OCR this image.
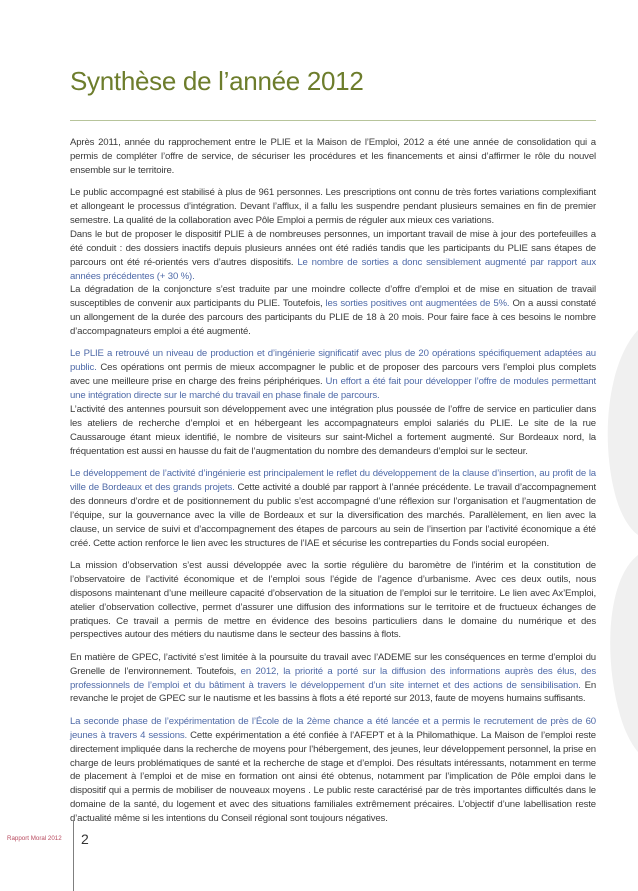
Synthèse de l’année 2012

Après 2011, année du rapprochement entre le PLIE et la Maison de l’Emploi, 2012 a été une année de consolidation qui a permis de compléter l’offre de service, de sécuriser les procédures et les financements et ainsi d’affirmer le rôle du nouvel ensemble sur le territoire.

Le public accompagné est stabilisé à plus de 961 personnes. Les prescriptions ont connu de très fortes variations complexifiant et allongeant le processus d’intégration. Devant l’afflux, il a fallu les suspendre pendant plusieurs semaines en fin de premier semestre. La qualité de la collaboration avec Pôle Emploi a permis de réguler aux mieux ces variations.

Dans le but de proposer le dispositif PLIE à de nombreuses personnes, un important travail de mise à jour des portefeuilles a été conduit : des dossiers inactifs depuis plusieurs années ont été radiés tandis que les participants du PLIE sans étapes de parcours ont été ré-orientés vers d’autres dispositifs. Le nombre de sorties a donc sensiblement augmenté par rapport aux années précédentes (+ 30 %).

La dégradation de la conjoncture s’est traduite par une moindre collecte d’offre d’emploi et de mise en situation de travail susceptibles de convenir aux participants du PLIE. Toutefois, les sorties positives ont augmentées de 5%. On a aussi constaté un allongement de la durée des parcours des participants du PLIE de 18 à 20 mois. Pour faire face à ces besoins le nombre d’accompagnateurs emploi a été augmenté.

Le PLIE a retrouvé un niveau de production et d’ingénierie significatif avec plus de 20 opérations spécifiquement adaptées au public. Ces opérations ont permis de mieux accompagner le public et de proposer des parcours vers l’emploi plus complets avec une meilleure prise en charge des freins périphériques. Un effort a été fait pour développer l’offre de modules permettant une intégration directe sur le marché du travail en phase finale de parcours.

L’activité des antennes poursuit son développement avec une intégration plus poussée de l’offre de service en particulier dans les ateliers de recherche d’emploi et en hébergeant les accompagnateurs emploi salariés du PLIE. Le site de la rue Caussarouge étant mieux identifié, le nombre de visiteurs sur saint-Michel a fortement augmenté. Sur Bordeaux nord, la fréquentation est aussi en hausse du fait de l’augmentation du nombre des demandeurs d’emploi sur le secteur.

Le développement de l’activité d’ingénierie est principalement le reflet du développement de la clause d’insertion, au profit de la ville de Bordeaux et des grands projets. Cette activité a doublé par rapport à l’année précédente. Le travail d’accompagnement des donneurs d’ordre et de positionnement du public s’est accompagné d’une réflexion sur l’organisation et l’augmentation de l’équipe, sur la gouvernance avec la ville de Bordeaux et sur la diversification des marchés. Parallèlement, en lien avec la clause, un service de suivi et d’accompagnement des étapes de parcours au sein de l’insertion par l’activité économique a été créé. Cette action renforce le lien avec les structures de l’IAE et sécurise les contreparties du Fonds social européen.

La mission d’observation s’est aussi développée avec la sortie régulière du baromètre de l’intérim et la constitution de l’observatoire de l’activité économique et de l’emploi sous l’égide de l’agence d’urbanisme. Avec ces deux outils, nous disposons maintenant d’une meilleure capacité d’observation de la situation de l’emploi sur le territoire. Le lien avec Ax’Emploi, atelier d’observation collective, permet d’assurer une diffusion des informations sur le territoire et de fructueux échanges de pratiques. Ce travail a permis de mettre en évidence des besoins particuliers dans le domaine du numérique et des perspectives autour des métiers du nautisme dans le secteur des bassins à flots.

En matière de GPEC, l’activité s’est limitée à la poursuite du travail avec l’ADEME sur les conséquences en terme d’emploi du Grenelle de l’environnement. Toutefois, en 2012, la priorité a porté sur la diffusion des informations auprès des élus, des professionnels de l’emploi et du bâtiment à travers le développement d’un site internet et des actions de sensibilisation. En revanche le projet de GPEC sur le nautisme et les bassins à flots a été reporté sur 2013, faute de moyens humains suffisants.

La seconde phase de l’expérimentation de l’École de la 2ème chance a été lancée et a permis le recrutement de près de 60 jeunes à travers 4 sessions. Cette expérimentation a été confiée à l’AFEPT et à la Philomathique. La Maison de l’emploi reste directement impliquée dans la recherche de moyens pour l’hébergement, des jeunes, leur développement personnel, la prise en charge de leurs problématiques de santé et la recherche de stage et d’emploi. Des résultats intéressants, notamment en terme de placement à l’emploi et de mise en formation ont ainsi été obtenus, notamment par l’implication de Pôle emploi dans le dispositif qui a permis de mobiliser de nouveaux moyens . Le public reste caractérisé par de très importantes difficultés dans le domaine de la santé, du logement et avec des situations familiales extrêmement précaires. L’objectif d’une labellisation reste d’actualité même si les intentions du Conseil régional sont toujours négatives.

Rapport Moral 2012 2
